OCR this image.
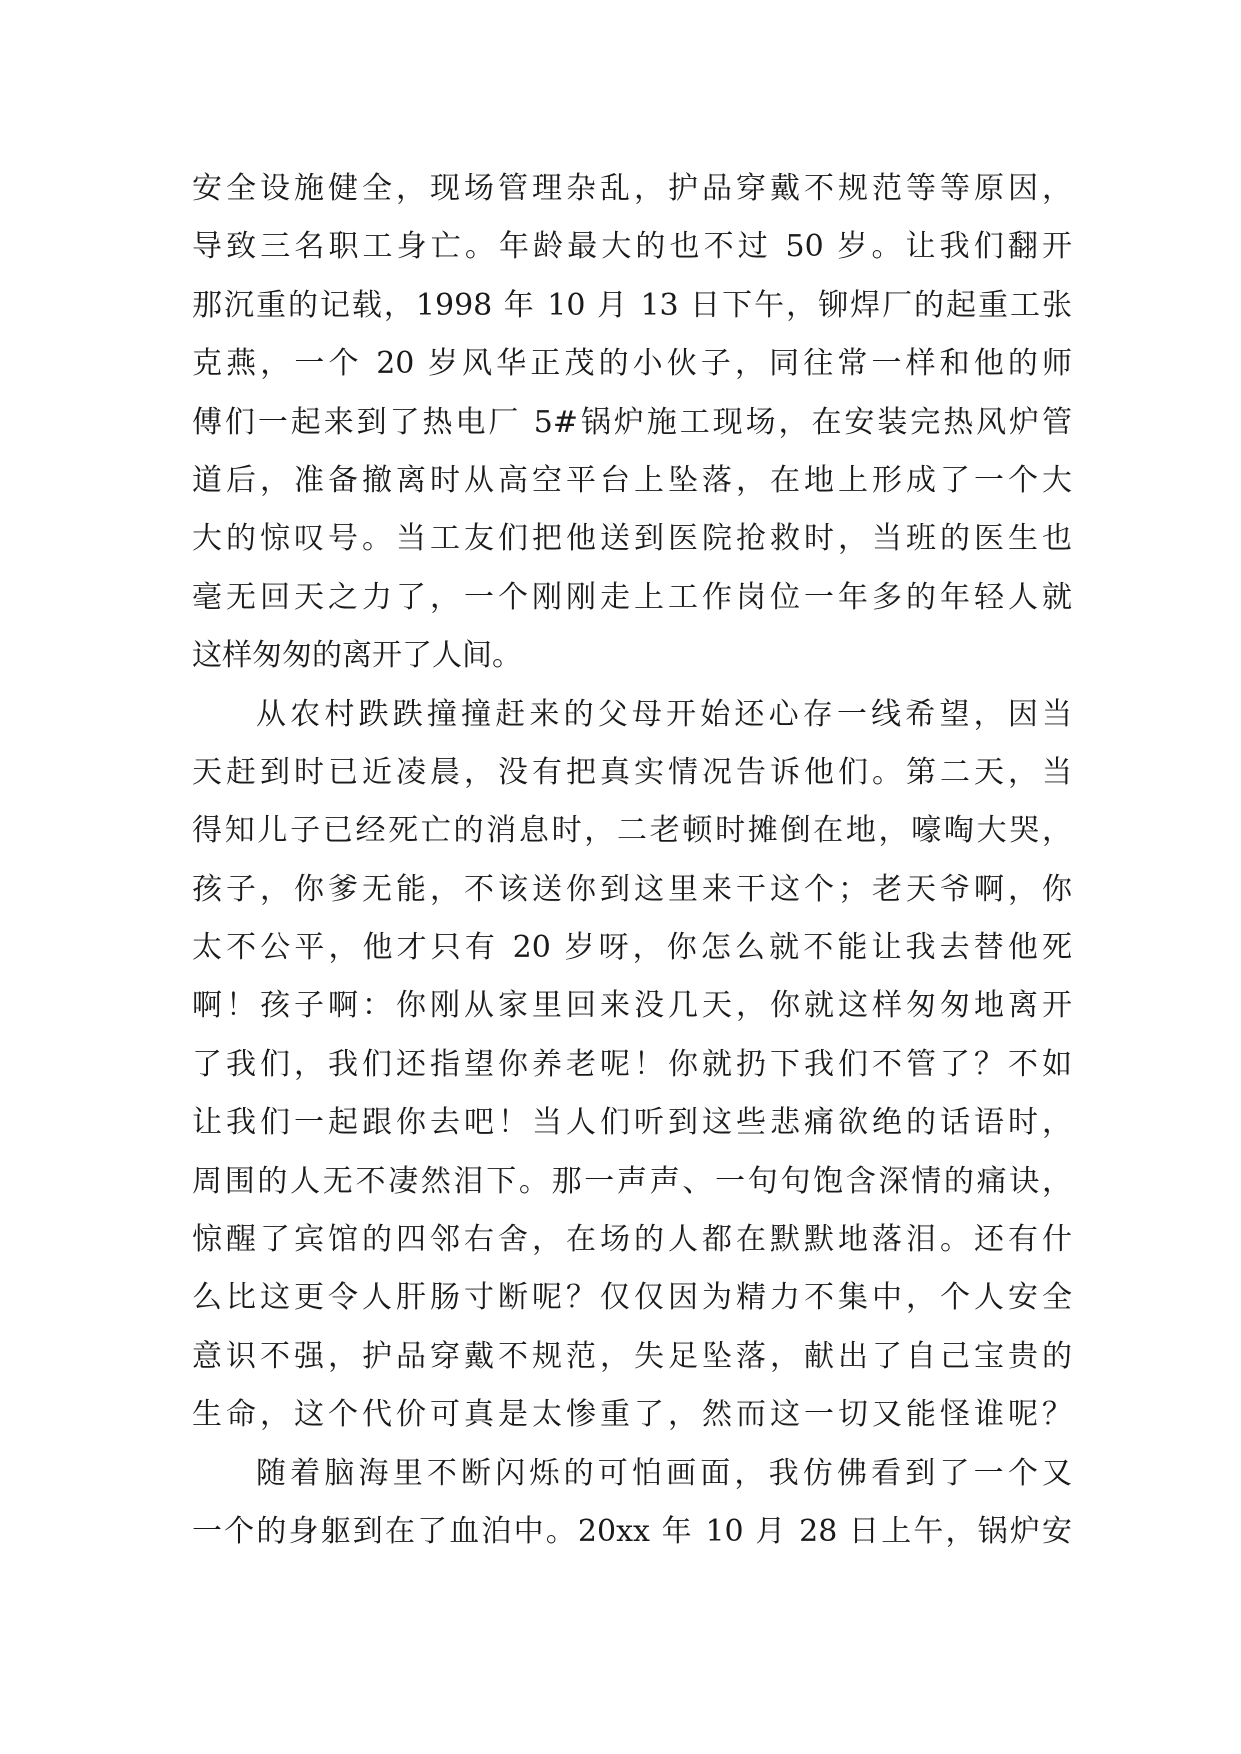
安全设施健全，现场管理杂乱，护品穿戴不规范等等原因，
导致三名职工身亡。年龄最大的也不过 50 岁。让我们翻开
那沉重的记载，1998 年 10 月 13 日下午，铆焊厂的起重工张
克燕，一个 20 岁风华正茂的小伙子，同往常一样和他的师
傅们一起来到了热电厂 5#锅炉施工现场，在安装完热风炉管
道后，准备撤离时从高空平台上坠落，在地上形成了一个大
大的惊叹号。当工友们把他送到医院抢救时，当班的医生也
毫无回天之力了，一个刚刚走上工作岗位一年多的年轻人就
这样匆匆的离开了人间。
从农村跌跌撞撞赶来的父母开始还心存一线希望，因当
天赶到时已近凌晨，没有把真实情况告诉他们。第二天，当
得知儿子已经死亡的消息时，二老顿时摊倒在地，嚎啕大哭，
孩子，你爹无能，不该送你到这里来干这个；老天爷啊，你
太不公平，他才只有 20 岁呀，你怎么就不能让我去替他死
啊！孩子啊：你刚从家里回来没几天，你就这样匆匆地离开
了我们，我们还指望你养老呢！你就扔下我们不管了？不如
让我们一起跟你去吧！当人们听到这些悲痛欲绝的话语时，
周围的人无不凄然泪下。那一声声、一句句饱含深情的痛诀，
惊醒了宾馆的四邻右舍，在场的人都在默默地落泪。还有什
么比这更令人肝肠寸断呢？仅仅因为精力不集中，个人安全
意识不强，护品穿戴不规范，失足坠落，献出了自己宝贵的
生命，这个代价可真是太惨重了，然而这一切又能怪谁呢？
随着脑海里不断闪烁的可怕画面，我仿佛看到了一个又
一个的身躯到在了血泊中。20xx 年 10 月 28 日上午，锅炉安
